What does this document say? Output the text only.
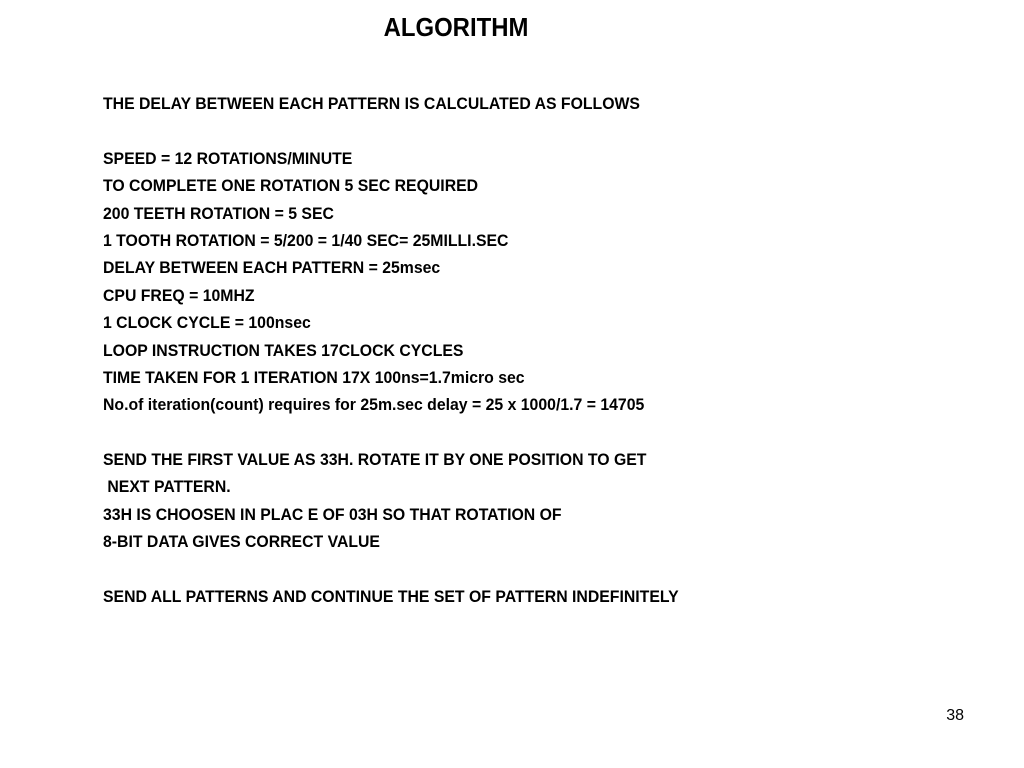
ALGORITHM
THE DELAY BETWEEN EACH PATTERN IS CALCULATED AS FOLLOWS
SPEED = 12 ROTATIONS/MINUTE
TO COMPLETE ONE ROTATION 5 SEC REQUIRED
200 TEETH ROTATION = 5 SEC
1 TOOTH ROTATION = 5/200 = 1/40 SEC= 25MILLI.SEC
DELAY BETWEEN EACH PATTERN = 25msec
CPU FREQ = 10MHZ
1 CLOCK CYCLE = 100nsec
LOOP INSTRUCTION TAKES 17CLOCK CYCLES
TIME TAKEN FOR 1 ITERATION 17X 100ns=1.7micro sec
No.of iteration(count) requires for 25m.sec delay = 25 x 1000/1.7 = 14705
SEND THE FIRST VALUE AS 33H. ROTATE IT BY ONE POSITION TO GET
NEXT PATTERN.
33H IS CHOOSEN IN PLAC E OF 03H SO THAT ROTATION OF
8-BIT DATA GIVES CORRECT VALUE
SEND ALL PATTERNS AND CONTINUE THE SET OF PATTERN INDEFINITELY
38
